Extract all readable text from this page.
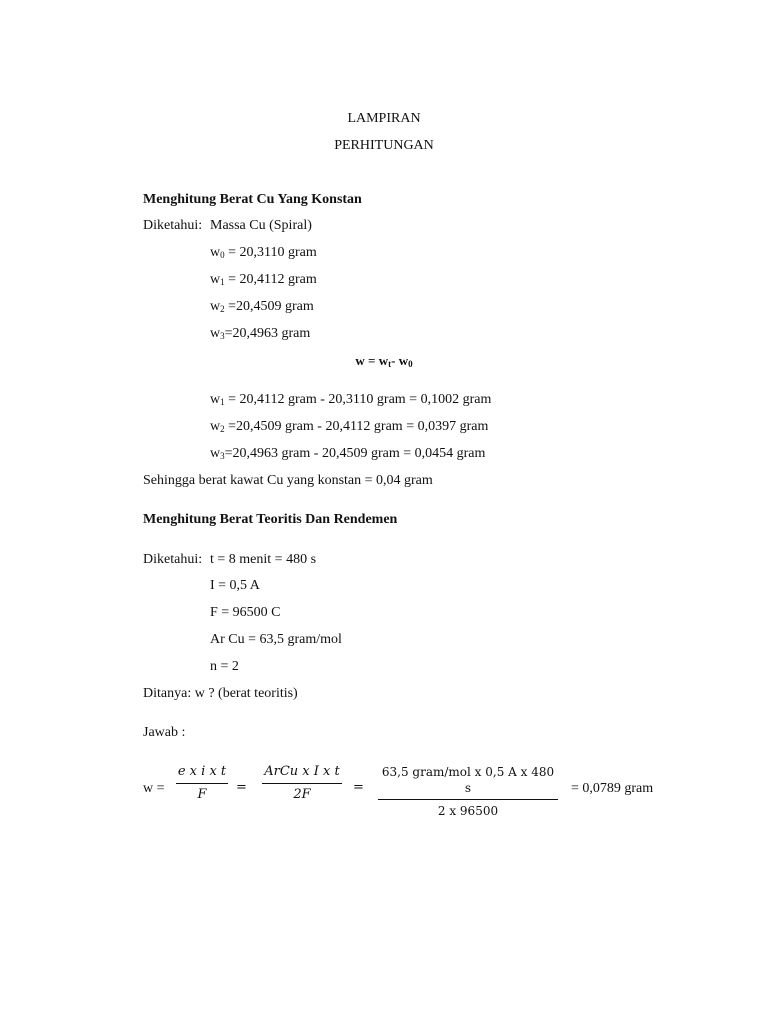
LAMPIRAN
PERHITUNGAN
Menghitung Berat Cu Yang Konstan
Diketahui: Massa Cu (Spiral)
$w_0 = 20,3110$ gram
$w_1 = 20,4112$ gram
$w_2 =20,4509$ gram
$w_3=20,4963$ gram
$w = w_t-$ $w_0$
$w_1 = 20,4112$ gram - 20,3110 gram = 0,1002 gram
$w_2 =20,4509$ gram - 20,4112 gram = 0,0397 gram
$w_3=20,4963$ gram - 20,4509 gram = 0,0454 gram
Sehingga berat kawat Cu yang konstan = 0,04 gram
Menghitung Berat Teoritis Dan Rendemen
Diketahui: t = 8 menit = 480 s
I = 0,5 A
F = 96500 C
Ar Cu = 63,5 gram/mol
n = 2
Ditanya: w ? (berat teoritis)
Jawab :
w =
e x i x t
F	=
ArCu x I x t
2F	=
63,5 gram/mol x 0,5 A x 480 s
2 x 96500
= 0,0789 gram
